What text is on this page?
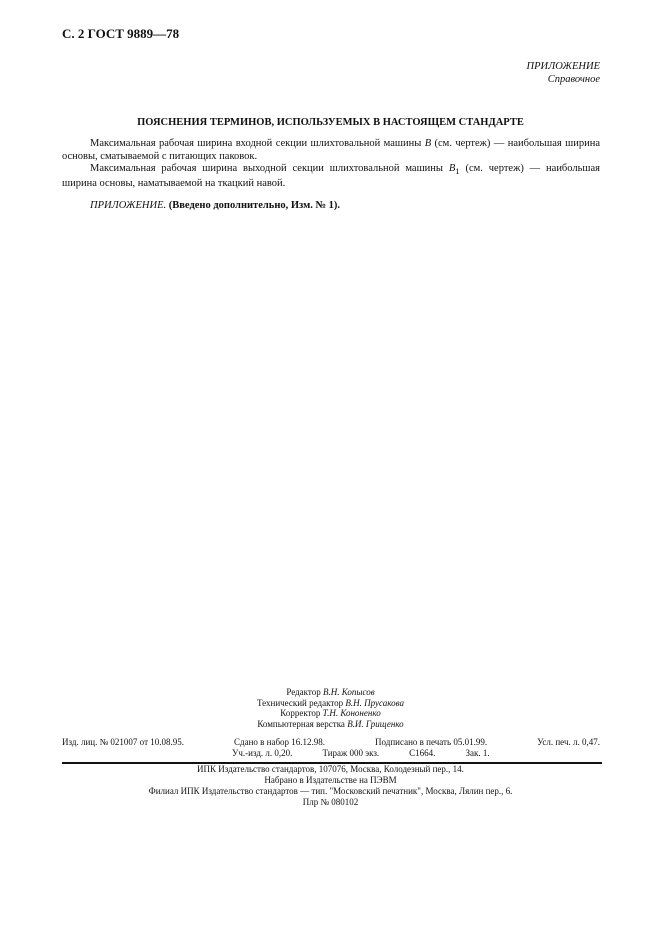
С. 2 ГОСТ 9889—78
ПРИЛОЖЕНИЕ
Справочное
ПОЯСНЕНИЯ ТЕРМИНОВ, ИСПОЛЬЗУЕМЫХ В НАСТОЯЩЕМ СТАНДАРТЕ

Максимальная рабочая ширина входной секции шлихтовальной машины B (см. чертеж) — наибольшая ширина основы, сматываемой с питающих паковок.

Максимальная рабочая ширина выходной секции шлихтовальной машины $B_1$ (см. чертеж) — наибольшая ширина основы, наматываемой на ткацкий навой.

ПРИЛОЖЕНИЕ. (Введено дополнительно, Изм. № 1).
Редактор В.Н. Копысов
Технический редактор В.Н. Прусакова
Корректор Т.Н. Кононенко
Компьютерная верстка В.И. Грищенко
Изд. лиц. № 021007 от 10.08.95.	Сдано в набор 16.12.98.	Подписано в печать 05.01.99.	Усл. печ. л. 0,47.
Уч.-изд. л. 0,20.	Тираж 000 экз.	С1664.	Зак. 1.
ИПК Издательство стандартов, 107076, Москва, Колодезный пер., 14.
Набрано в Издательстве на ПЭВМ
Филиал ИПК Издательство стандартов — тип. "Московский печатник", Москва, Лялин пер., 6.
Плр № 080102
